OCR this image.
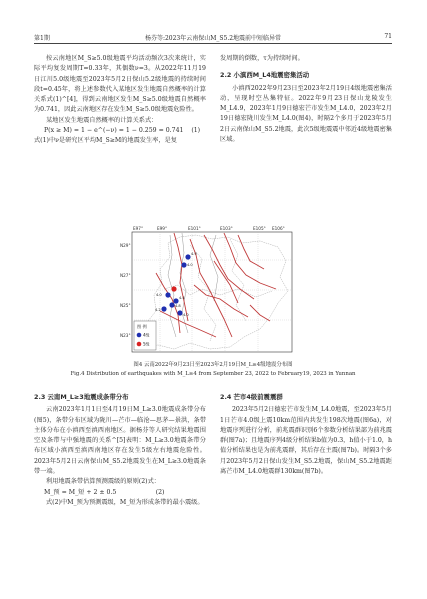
第1期	杨芬等:2023年云南保山M_S5.2地震前中短临异常	71

按云南地区M_S≥5.0级地震平均活动频次3次来统计，实际平均复发周期T=0.33年，其偶数ν=3。从2022年11月19日江川5.0级地震至2023年5月2日保山5.2级地震的持续时间段t=0.45年，将上述参数代入某地区发生地震自然概率的计算关系式(1)^[4]，得到云南地区发生M_S≥5.0级地震自然概率为0.741，因此云南地区存在发生M_S≥5.0级地震危险性。

某地区发生地震自然概率的计算关系式：

P(x ≥ M) = 1 − e^(−ν) = 1 − 0.259 = 0.741    (1)

式(1)中ν是研究区平均M_S≥M的地震发生率，是复

发周期的倒数，τ为持续时间。

2.2 小滇西M_L4地震密集活动

小滇西2022年9月23日至2023年2月19日4级地震密集活动，呈现时空丛集特征。2022年9月23日保山龙陵发生M_L4.9，2023年1月9日德宏芒市发生M_L4.0，2023年2月19日德宏陇川发生M_L4.0(图4)，时隔2个多月于2023年5月2日云南保山M_S5.2地震，此次5级地震震中邻近4级地震密集区域。

E97°	E99°	E101°	E103°	E105° E106°
N29°
N27°
N25°
N23°
4.9
4.0
4.0
4.8
4.2
4.4
4.0
图 例
4级
5级
图4 云南2022年9月23日至2023年2月19日M_L≥4级地震分布图
Fig.4 Distribution of earthquakes with M_L≥4 from September 23, 2022 to February19, 2023 in Yunnan
2.3 云南M_L≥3地震成条带分布

云南2023年1月1日至4月19日M_L≥3.0地震成条带分布(图5)，条带分布区域为陇川—芒市—临沧—思茅—景洪，条带主体分布在小滇西至滇西南地区。据杨芬等人研究结果地震围空及条带与中强地震的关系^[5]表明：M_L≥3.0地震条带分布区域小滇西至滇西南地区存在发生5级左右地震危险性。2023年5月2日云南保山M_S5.2地震发生在M_L≥3.0地震条带一端。

利用地震条带估算预测震级的原则(2)式：

M_预 = M_短 + 2 ± 0.5                    (2)

式(2)中M_预为预测震级，M_短为形成条带的最小震级。

2.4 芒市4级前震震群

2023年5月2日德宏芒市发生M_L4.0地震，至2023年5月1日芒市4.0级上震10km范围内共发生198次地震(图6a)，对地震序列进行分析，前兆震群识别6个参数分析结果部为前兆震群(图7a)；且地震序列4级分析结果b值为0.3，h值小于1.0，h值分析结果也是为前兆震群，其后存在主震(图7b)。时隔3个多月2023年5月2日保山发生M_S5.2地震，保山M_S5.2地震距离芒市M_L4.0地震群130km(图7b)。
